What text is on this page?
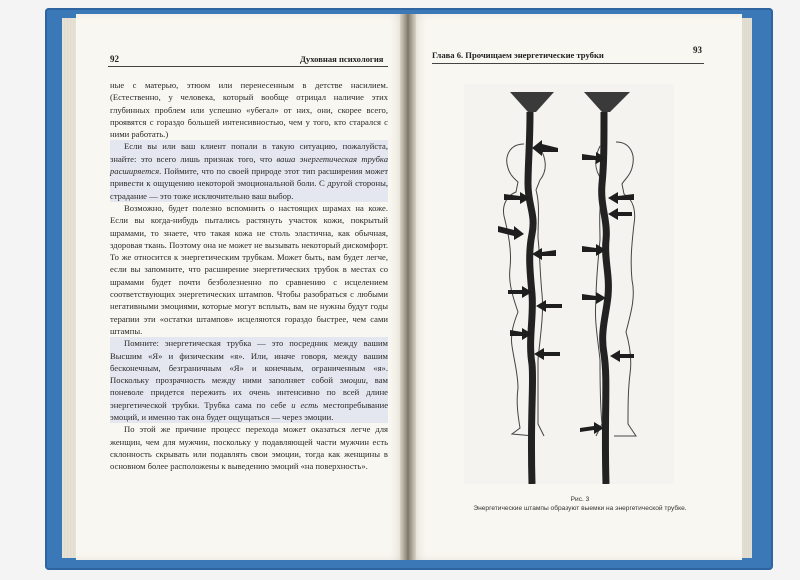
92	Духовная психология	Глава 6. Прочищаем энергетические трубки	93

ные с матерью, этюом или перенесенным в детстве насилием. (Естественно, у человека, который вообще отрицал наличие этих глубинных проблем или успешно «убегал» от них, они, скорее всего, проявятся с гораздо большей интенсивностью, чем у того, кто старался с ними работать.)

Если вы или ваш клиент попали в такую ситуацию, пожалуйста, знайте: это всего лишь признак того, что ваша энергетическая трубка расширяется. Поймите, что по своей природе этот тип расширения может привести к ощущению некоторой эмоциональной боли. С другой стороны, страдание — это тоже исключительно ваш выбор.

Возможно, будет полезно вспомнить о настоящих шрамах на коже. Если вы когда-нибудь пытались растянуть участок кожи, покрытый шрамами, то знаете, что такая кожа не столь эластична, как обычная, здоровая ткань. Поэтому она не может не вызывать некоторый дискомфорт. То же относится к энергетическим трубкам. Может быть, вам будет легче, если вы запомните, что расширение энергетических трубок в местах со шрамами будет почти безболезненно по сравнению с исцелением соответствующих энергетических штампов. Чтобы разобраться с любыми негативными эмоциями, которые могут всплыть, вам не нужны будут годы терапии эти «остатки штампов» исцеляются гораздо быстрее, чем сами штампы.

Помните: энергетическая трубка — это посредник между вашим Высшим «Я» и физическим «я». Или, иначе говоря, между вашим бесконечным, безграничным «Я» и конечным, ограниченным «я». Поскольку прозрачность между ними заполняет собой эмоции, вам поневоле придется пережить их очень интенсивно по всей длине энергетической трубки. Трубка сама по себе и есть местопребывание эмоций, и именно так она будет ощущаться — через эмоции.

По этой же причине процесс перехода может оказаться легче для женщин, чем для мужчин, поскольку у подавляющей части мужчин есть склонность скрывать или подавлять свои эмоции, тогда как женщины в основном более расположены к выведению эмоций «на поверхность».

Рис. 3
Энергетические штампы образуют выемки на энергетической трубке.
